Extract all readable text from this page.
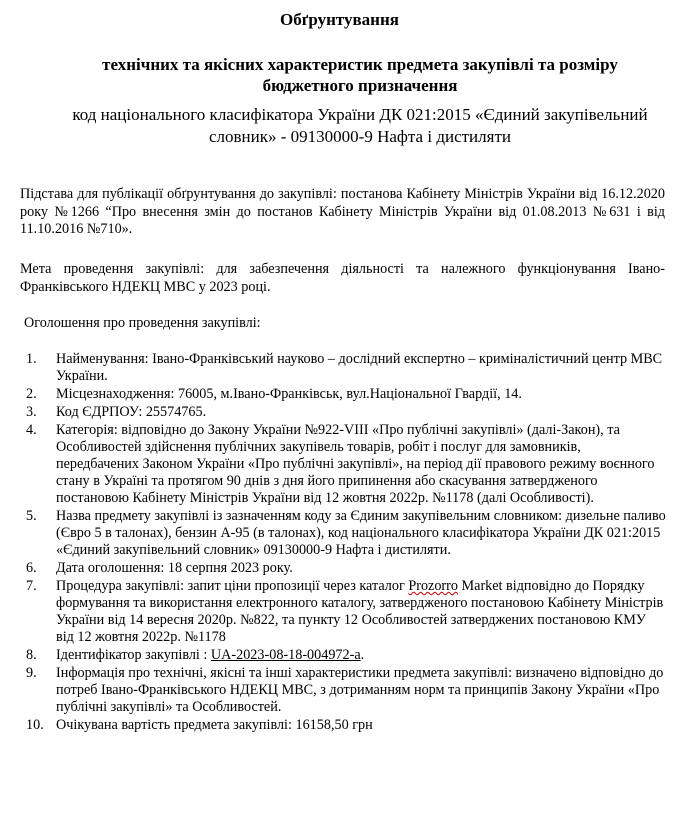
Обґрунтування

технічних та якісних характеристик предмета закупівлі та розміру бюджетного призначення

код національного класифікатора України ДК 021:2015 «Єдиний закупівельний словник» - 09130000-9 Нафта і дистиляти

Підстава для публікації обґрунтування до закупівлі: постанова Кабінету Міністрів України від 16.12.2020 року №1266 “Про внесення змін до постанов Кабінету Міністрів України від 01.08.2013 №631 і від 11.10.2016 №710».

Мета проведення закупівлі: для забезпечення діяльності та належного функціонування Івано-Франківського НДЕКЦ МВС у 2023 році.

Оголошення про проведення закупівлі:

1.	Найменування: Івано-Франківський науково – дослідний експертно – криміналістичний центр МВС України.
2.	Місцезнаходження: 76005, м.Івано-Франківськ, вул.Національної Гвардії, 14.
3.	Код ЄДРПОУ: 25574765.
4.	Категорія: відповідно до Закону України №922-VIII «Про публічні закупівлі» (далі-Закон), та Особливостей здійснення публічних закупівель товарів, робіт і послуг для замовників, передбачених Законом України «Про публічні закупівлі», на період дії правового режиму воєнного стану в Україні та протягом 90 днів з дня його припинення або скасування затвердженого постановою Кабінету Міністрів України від 12 жовтня 2022р. №1178 (далі Особливості).
5.	Назва предмету закупівлі із зазначенням коду за Єдиним закупівельним словником: дизельне паливо (Євро 5 в талонах), бензин А-95 (в талонах), код національного класифікатора України ДК 021:2015 «Єдиний закупівельний словник» 09130000-9 Нафта і дистиляти.
6.	Дата оголошення: 18 серпня 2023 року.
7.	Процедура закупівлі: запит ціни пропозиції через каталог Prozorro Market відповідно до Порядку формування та використання електронного каталогу, затвердженого постановою Кабінету Міністрів України від 14 вересня 2020р. №822, та пункту 12 Особливостей затверджених постановою КМУ від 12 жовтня 2022р. №1178
8.	Ідентифікатор закупівлі : UA-2023-08-18-004972-a.
9.	Інформація про технічні, якісні та інші характеристики предмета закупівлі: визначено відповідно до потреб Івано-Франківського НДЕКЦ МВС, з дотриманням норм та принципів Закону України «Про публічні закупівлі» та Особливостей.
10. Очікувана вартість предмета закупівлі: 16158,50 грн
